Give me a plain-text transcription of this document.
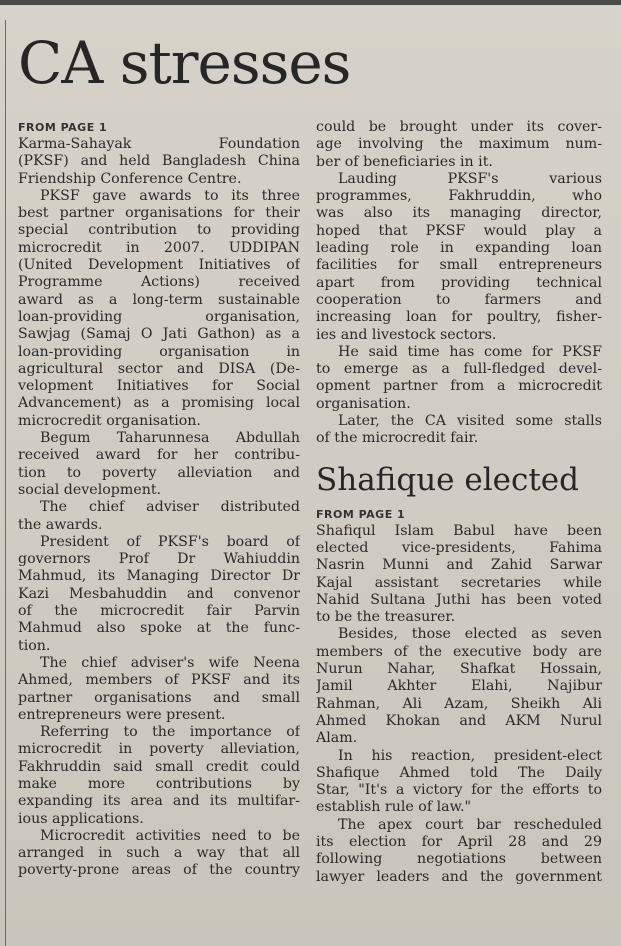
CA stresses
FROM PAGE 1
Karma-Sahayak Foundation
(PKSF) and held Bangladesh China
Friendship Conference Centre.
PKSF gave awards to its three
best partner organisations for their
special contribution to providing
microcredit in 2007. UDDIPAN
(United Development Initiatives of
Programme Actions) received
award as a long-term sustainable
loan-providing organisation,
Sawjag (Samaj O Jati Gathon) as a
loan-providing organisation in
agricultural sector and DISA (De-
velopment Initiatives for Social
Advancement) as a promising local
microcredit organisation.
Begum Taharunnesa Abdullah
received award for her contribu-
tion to poverty alleviation and
social development.
The chief adviser distributed
the awards.
President of PKSF's board of
governors Prof Dr Wahiuddin
Mahmud, its Managing Director Dr
Kazi Mesbahuddin and convenor
of the microcredit fair Parvin
Mahmud also spoke at the func-
tion.
The chief adviser's wife Neena
Ahmed, members of PKSF and its
partner organisations and small
entrepreneurs were present.
Referring to the importance of
microcredit in poverty alleviation,
Fakhruddin said small credit could
make more contributions by
expanding its area and its multifar-
ious applications.
Microcredit activities need to be
arranged in such a way that all
poverty-prone areas of the country
could be brought under its cover-
age involving the maximum num-
ber of beneficiaries in it.
Lauding PKSF's various
programmes, Fakhruddin, who
was also its managing director,
hoped that PKSF would play a
leading role in expanding loan
facilities for small entrepreneurs
apart from providing technical
cooperation to farmers and
increasing loan for poultry, fisher-
ies and livestock sectors.
He said time has come for PKSF
to emerge as a full-fledged devel-
opment partner from a microcredit
organisation.
Later, the CA visited some stalls
of the microcredit fair.
Shafique elected
FROM PAGE 1
Shafiqul Islam Babul have been
elected vice-presidents, Fahima
Nasrin Munni and Zahid Sarwar
Kajal assistant secretaries while
Nahid Sultana Juthi has been voted
to be the treasurer.
Besides, those elected as seven
members of the executive body are
Nurun Nahar, Shafkat Hossain,
Jamil Akhter Elahi, Najibur
Rahman, Ali Azam, Sheikh Ali
Ahmed Khokan and AKM Nurul
Alam.
In his reaction, president-elect
Shafique Ahmed told The Daily
Star, "It's a victory for the efforts to
establish rule of law."
The apex court bar rescheduled
its election for April 28 and 29
following negotiations between
lawyer leaders and the government
